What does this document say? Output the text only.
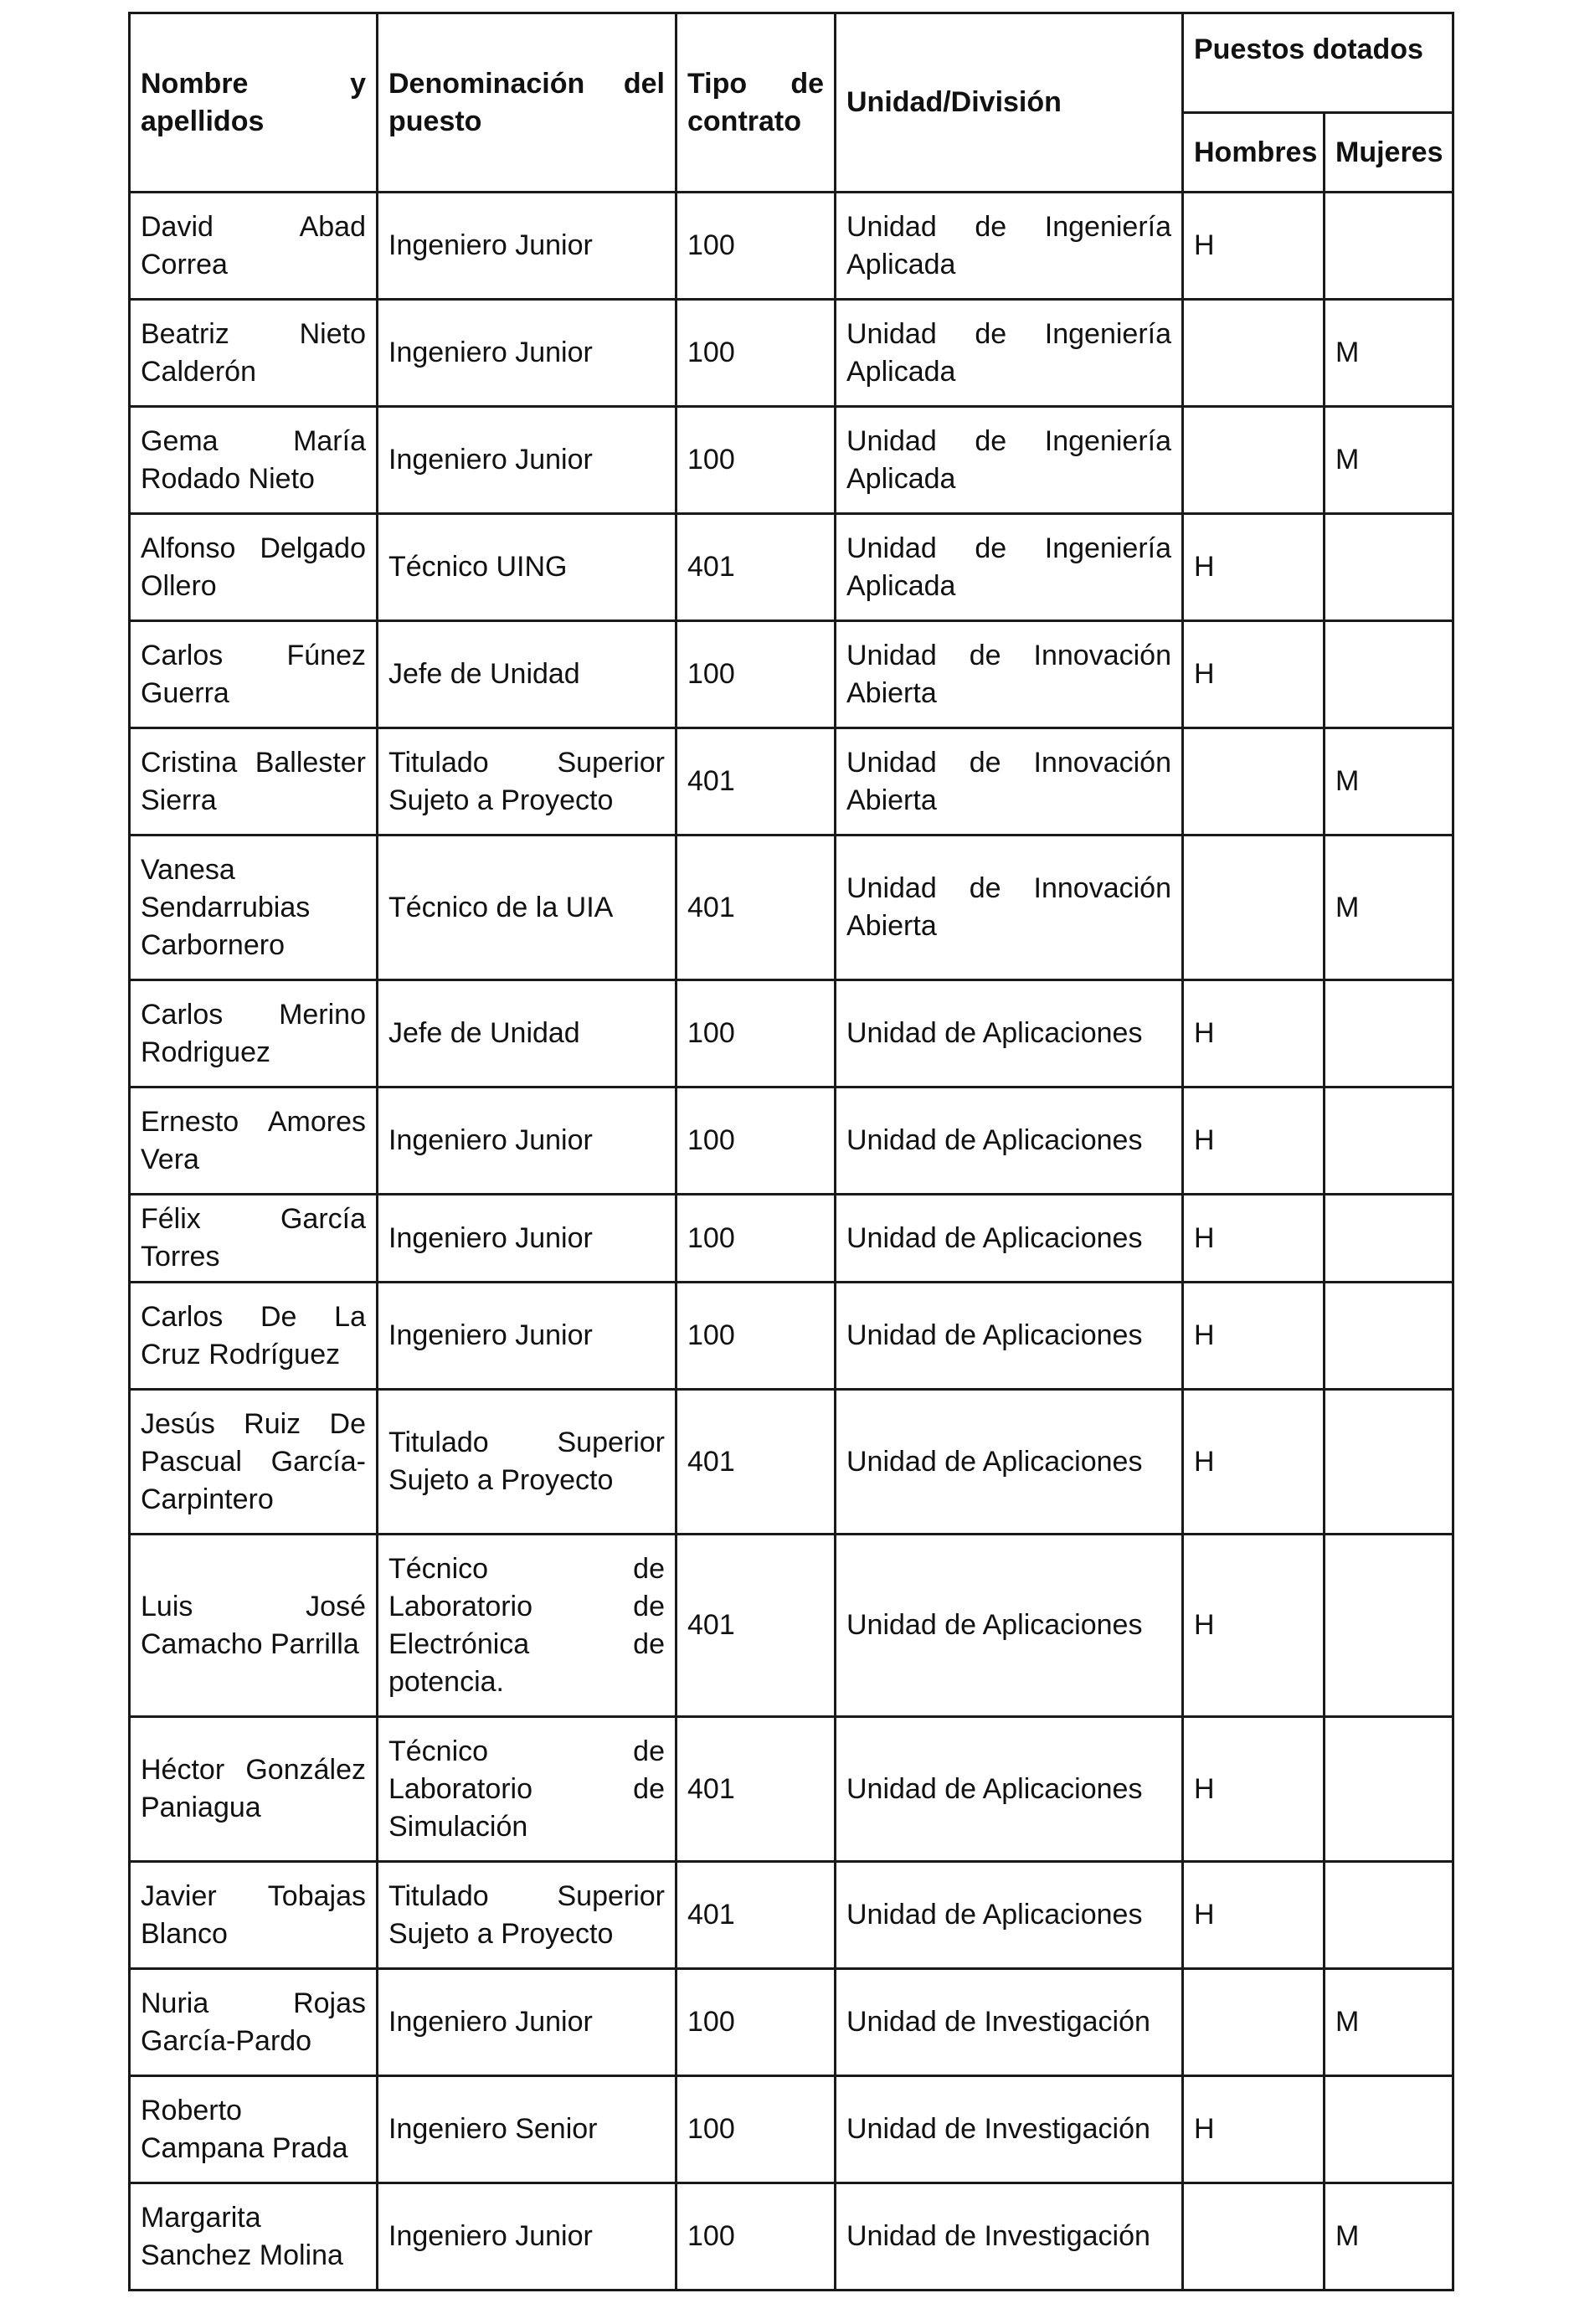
Nombre y apellidos	Denominación del puesto	Tipo de contrato	Unidad/División	Puestos dotados	
				Hombres	Mujeres
David Abad Correa	Ingeniero Junior	100	Unidad de Ingeniería Aplicada	H	
Beatriz Nieto Calderón	Ingeniero Junior	100	Unidad de Ingeniería Aplicada		M
Gema María Rodado Nieto	Ingeniero Junior	100	Unidad de Ingeniería Aplicada		M
Alfonso Delgado Ollero	Técnico UING	401	Unidad de Ingeniería Aplicada	H	
Carlos Fúnez Guerra	Jefe de Unidad	100	Unidad de Innovación Abierta	H	
Cristina Ballester Sierra	Titulado Superior Sujeto a Proyecto	401	Unidad de Innovación Abierta		M
Vanesa Sendarrubias Carbornero	Técnico de la UIA	401	Unidad de Innovación Abierta		M
Carlos Merino Rodriguez	Jefe de Unidad	100	Unidad de Aplicaciones	H	
Ernesto Amores Vera	Ingeniero Junior	100	Unidad de Aplicaciones	H	
Félix García Torres	Ingeniero Junior	100	Unidad de Aplicaciones	H	
Carlos De La Cruz Rodríguez	Ingeniero Junior	100	Unidad de Aplicaciones	H	
Jesús Ruiz De Pascual García-Carpintero	Titulado Superior Sujeto a Proyecto	401	Unidad de Aplicaciones	H	
Luis José Camacho Parrilla	Técnico de Laboratorio de Electrónica de potencia.	401	Unidad de Aplicaciones	H	
Héctor González Paniagua	Técnico de Laboratorio de Simulación	401	Unidad de Aplicaciones	H	
Javier Tobajas Blanco	Titulado Superior Sujeto a Proyecto	401	Unidad de Aplicaciones	H	
Nuria Rojas García-Pardo	Ingeniero Junior	100	Unidad de Investigación		M
Roberto Campana Prada	Ingeniero Senior	100	Unidad de Investigación	H	
Margarita Sanchez Molina	Ingeniero Junior	100	Unidad de Investigación		M
